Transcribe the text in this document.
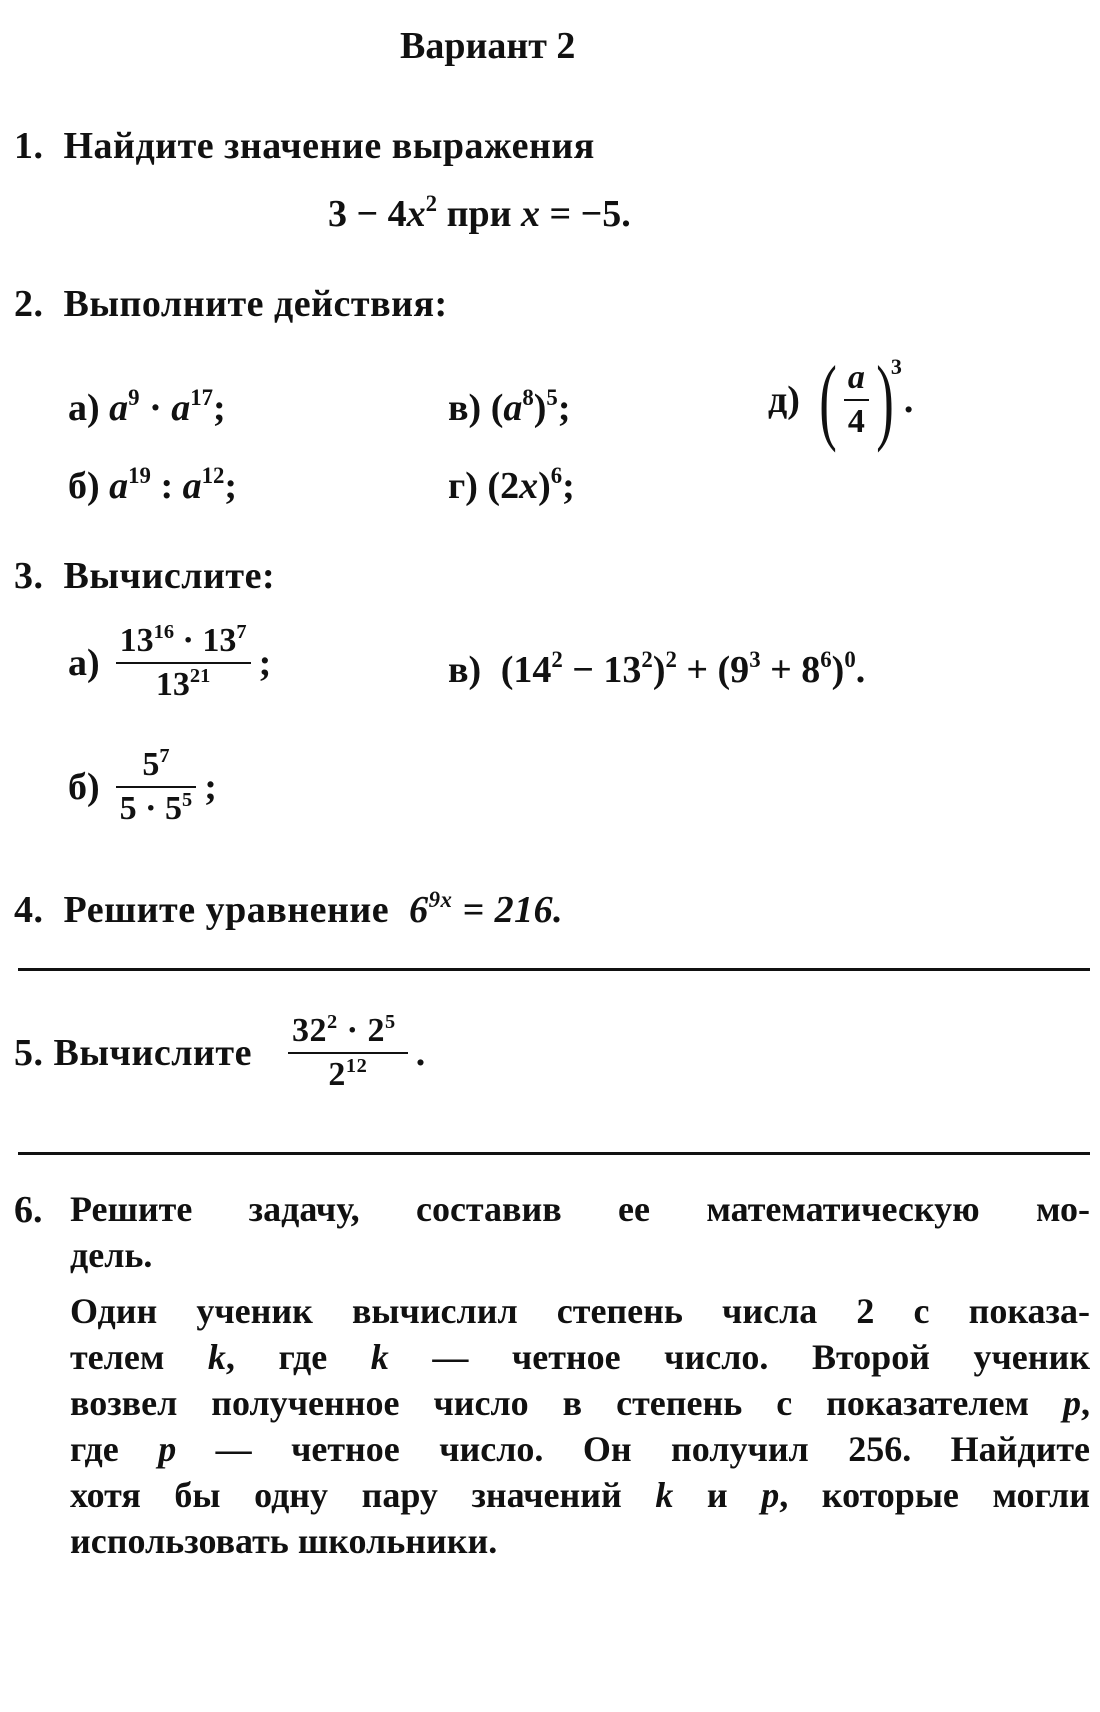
Вариант 2
1. Найдите значение выражения
$3 - 4x^2$ при x = −5.
2. Выполните действия:
а) $a^9 \cdot a^{17}$;
б) $a^{19}$ : $a^{12}$;
в) $(a^8)^5$;
г) $(2x)^6$;
д) ( $\frac{a}{4}$ )
3
.
3. Вычислите:
$а) \frac{13^{16} \cdot 13^7}{13^{21}}$ ;
$б) \frac{5^7}{5 \cdot 5^5}$ ;
в) $(14^2 - 13^2)^2 + (9^3 + 8^6)^0$.
4. Решите уравнение $6^{9x} = 216$.
5.
Вычислите $\frac{32^2 \cdot 2^5}{2^{12}}$ .
6. Решите задачу, составив ее математическую мо-
дель.
Один ученик вычислил степень числа 2 с показа-
телем k, где k — четное число. Второй ученик
возвел полученное число в степень с показателем p,
где p — четное число. Он получил 256. Найдите
хотя бы одну пару значений k и p, которые могли
использовать школьники.
